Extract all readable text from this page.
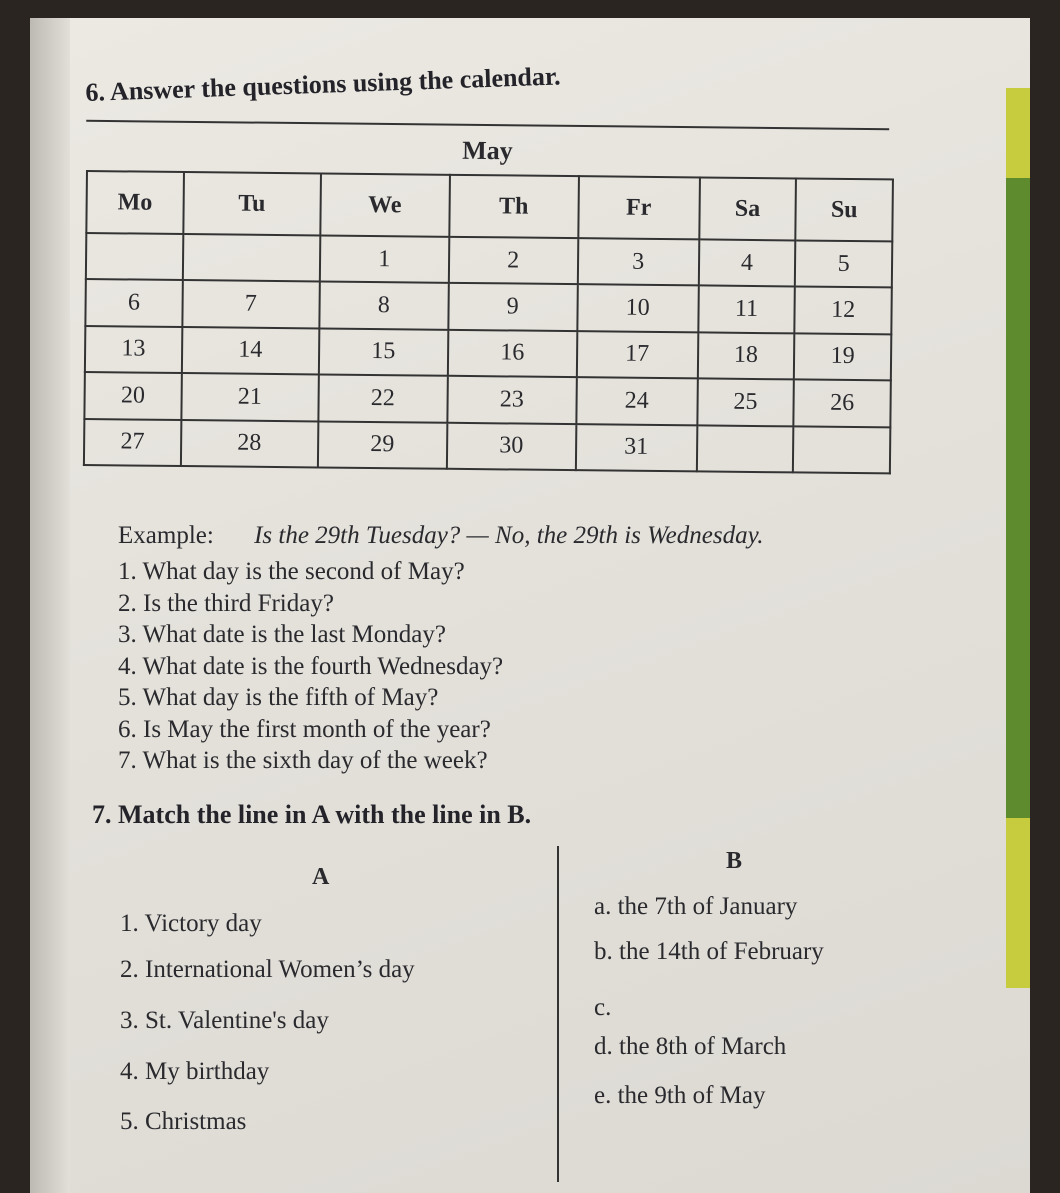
6. Answer the questions using the calendar.
May
Mo	Tu	We	Th	Fr	Sa	Su
		1	2	3	4	5
6	7	8	9	10	11	12
13	14	15	16	17	18	19
20	21	22	23	24	25	26
27	28	29	30	31		
Example: Is the 29th Tuesday? — No, the 29th is Wednesday.
1. What day is the second of May?
2. Is the third Friday?
3. What date is the last Monday?
4. What date is the fourth Wednesday?
5. What day is the fifth of May?
6. Is May the first month of the year?
7. What is the sixth day of the week?
7. Match the line in A with the line in B.
A
B
1. Victory day
2. International Women’s day
3. St. Valentine's day
4. My birthday
5. Christmas
a. the 7th of January
b. the 14th of February
c.
d. the 8th of March
e. the 9th of May
